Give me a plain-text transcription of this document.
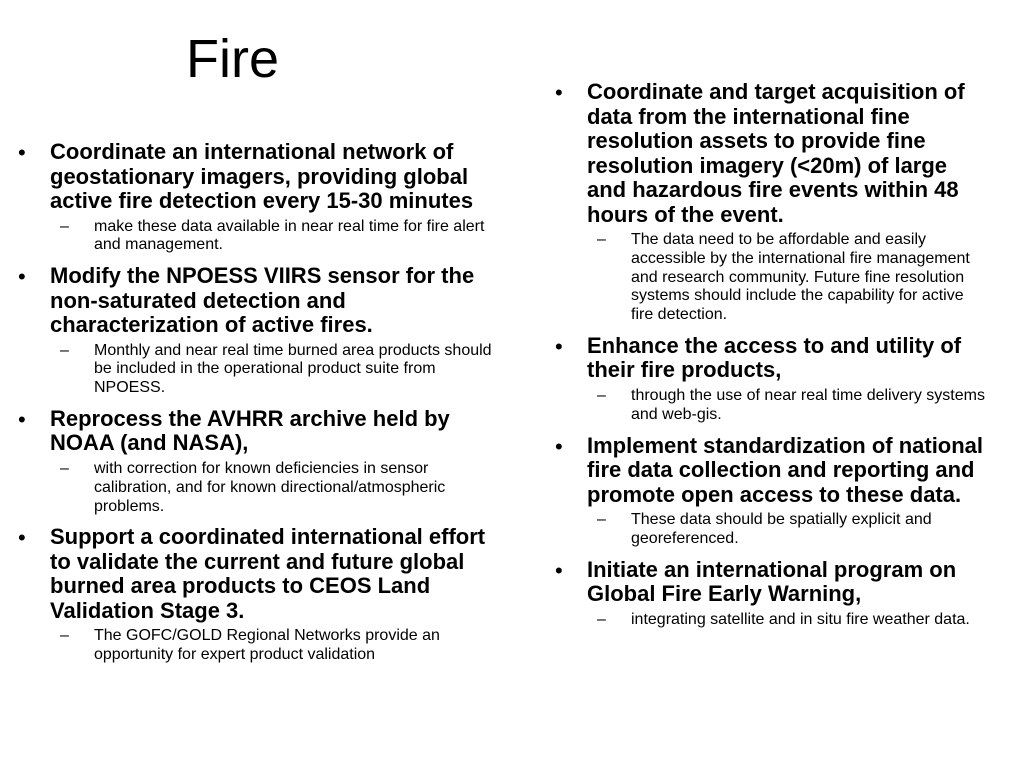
Fire
• Coordinate an international network of geostationary imagers, providing global active fire detection every 15-30 minutes
– make these data available in near real time for fire alert and management.
• Modify the NPOESS VIIRS sensor for the non-saturated detection and characterization of active fires.
– Monthly and near real time burned area products should be included in the operational product suite from NPOESS.
• Reprocess the AVHRR archive held by NOAA (and NASA),
– with correction for known deficiencies in sensor calibration, and for known directional/atmospheric problems.
• Support a coordinated international effort to validate the current and future global burned area products to CEOS Land Validation Stage 3.
– The GOFC/GOLD Regional Networks provide an opportunity for expert product validation
• Coordinate and target acquisition of data from the international fine resolution assets to provide fine resolution imagery (<20m) of large and hazardous fire events within 48 hours of the event.
– The data need to be affordable and easily accessible by the international fire management and research community. Future fine resolution systems should include the capability for active fire detection.
• Enhance the access to and utility of their fire products,
– through the use of near real time delivery systems and web-gis.
• Implement standardization of national fire data collection and reporting and promote open access to these data.
– These data should be spatially explicit and georeferenced.
• Initiate an international program on Global Fire Early Warning,
– integrating satellite and in situ fire weather data.
